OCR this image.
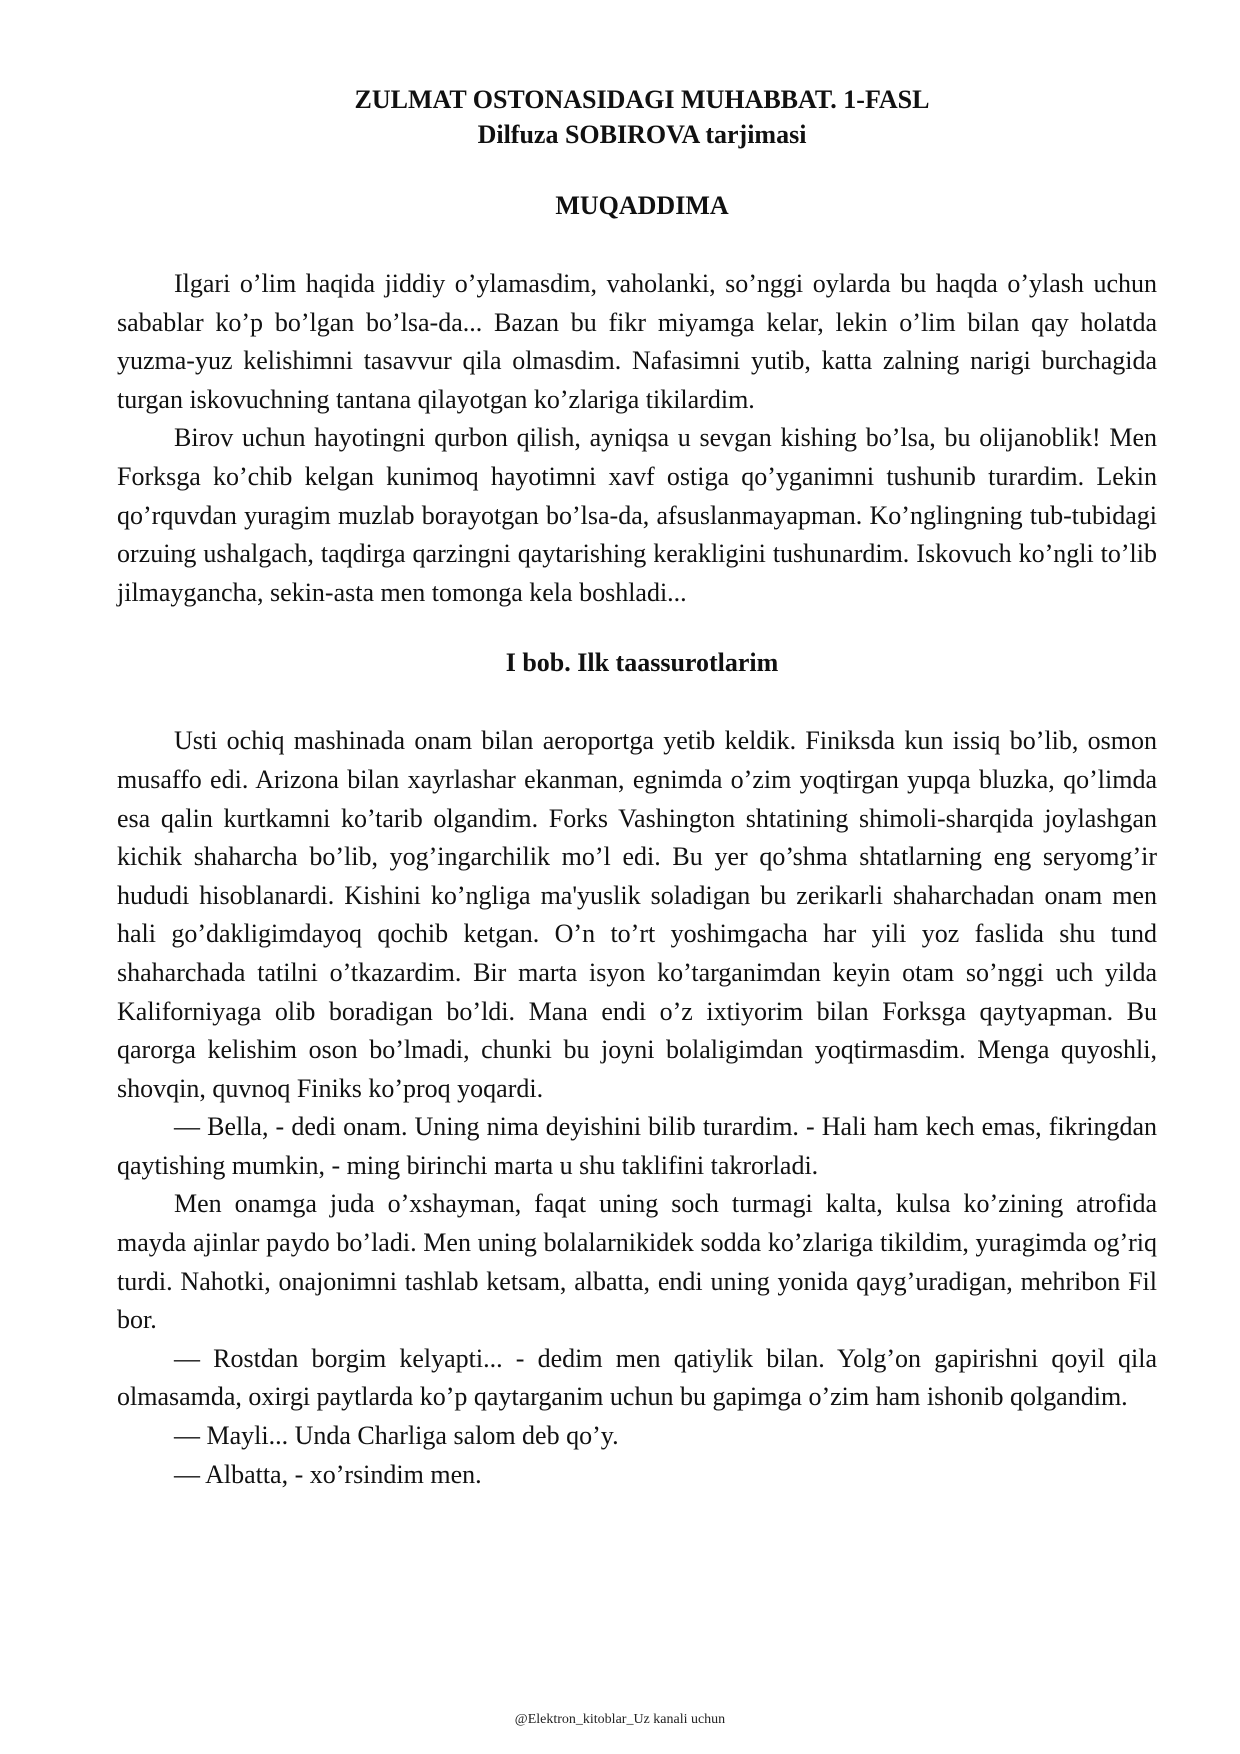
ZULMAT OSTONASIDAGI MUHABBAT. 1-FASL
Dilfuza SOBIROVA tarjimasi
MUQADDIMA

Ilgari o’lim haqida jiddiy o’ylamasdim, vaholanki, so’nggi oylarda bu haqda o’ylash uchun sabablar ko’p bo’lgan bo’lsa-da... Bazan bu fikr miyamga kelar, lekin o’lim bilan qay holatda yuzma-yuz kelishimni tasavvur qila olmasdim. Nafasimni yutib, katta zalning narigi burchagida turgan iskovuchning tantana qilayotgan ko’zlariga tikilardim.

Birov uchun hayotingni qurbon qilish, ayniqsa u sevgan kishing bo’lsa, bu olijanoblik! Men Forksga ko’chib kelgan kunimoq hayotimni xavf ostiga qo’yganimni tushunib turardim. Lekin qo’rquvdan yuragim muzlab borayotgan bo’lsa-da, afsuslanmayapman. Ko’nglingning tub-tubidagi orzuing ushalgach, taqdirga qarzingni qaytarishing kerakligini tushunardim. Iskovuch ko’ngli to’lib jilmayganchа, sekin-asta men tomonga kela boshladi...

I bob. Ilk taassurotlarim

Usti ochiq mashinada onam bilan aeroportga yetib keldik. Finiksda kun issiq bo’lib, osmon musaffo edi. Arizona bilan xayrlashar ekanman, egnimda o’zim yoqtirgan yupqa bluzka, qo’limda esa qalin kurtkamni ko’tarib olgandim. Forks Vashington shtatining shimoli-sharqida joylashgan kichik shaharcha bo’lib, yog’ingarchilik mo’l edi. Bu yer qo’shma shtatlarning eng seryomg’ir hududi hisoblanardi. Kishini ko’ngliga ma'yuslik soladigan bu zerikarli shaharchadan onam men hali go’dakligimdayoq qochib ketgan. O’n to’rt yoshimgacha har yili yoz faslida shu tund shaharchada tatilni o’tkazardim. Bir marta isyon ko’targanimdan keyin otam so’nggi uch yilda Kaliforniyaga olib boradigan bo’ldi. Mana endi o’z ixtiyorim bilan Forksga qaytyapman. Bu qarorga kelishim oson bo’lmadi, chunki bu joyni bolaligimdan yoqtirmasdim. Menga quyoshli, shovqin, quvnoq Finiks ko’proq yoqardi.

— Bella, - dedi onam. Uning nima deyishini bilib turardim. - Hali ham kech emas, fikringdan qaytishing mumkin, - ming birinchi marta u shu taklifini takrorladi.

Men onamga juda o’xshayman, faqat uning soch turmagi kalta, kulsa ko’zining atrofida mayda ajinlar paydo bo’ladi. Men uning bolalarnikidek sodda ko’zlariga tikildim, yuragimda og’riq turdi. Nahotki, onajonimni tashlab ketsam, albatta, endi uning yonida qayg’uradigan, mehribon Fil bor.

— Rostdan borgim kelyapti... - dedim men qatiylik bilan. Yolg’on gapirishni qoyil qila olmasamda, oxirgi paytlarda ko’p qaytarganim uchun bu gapimga o’zim ham ishonib qolgandim.

— Mayli... Unda Charliga salom deb qo’y.

— Albatta, - xo’rsindim men.

@Elektron_kitoblar_Uz kanali uchun
